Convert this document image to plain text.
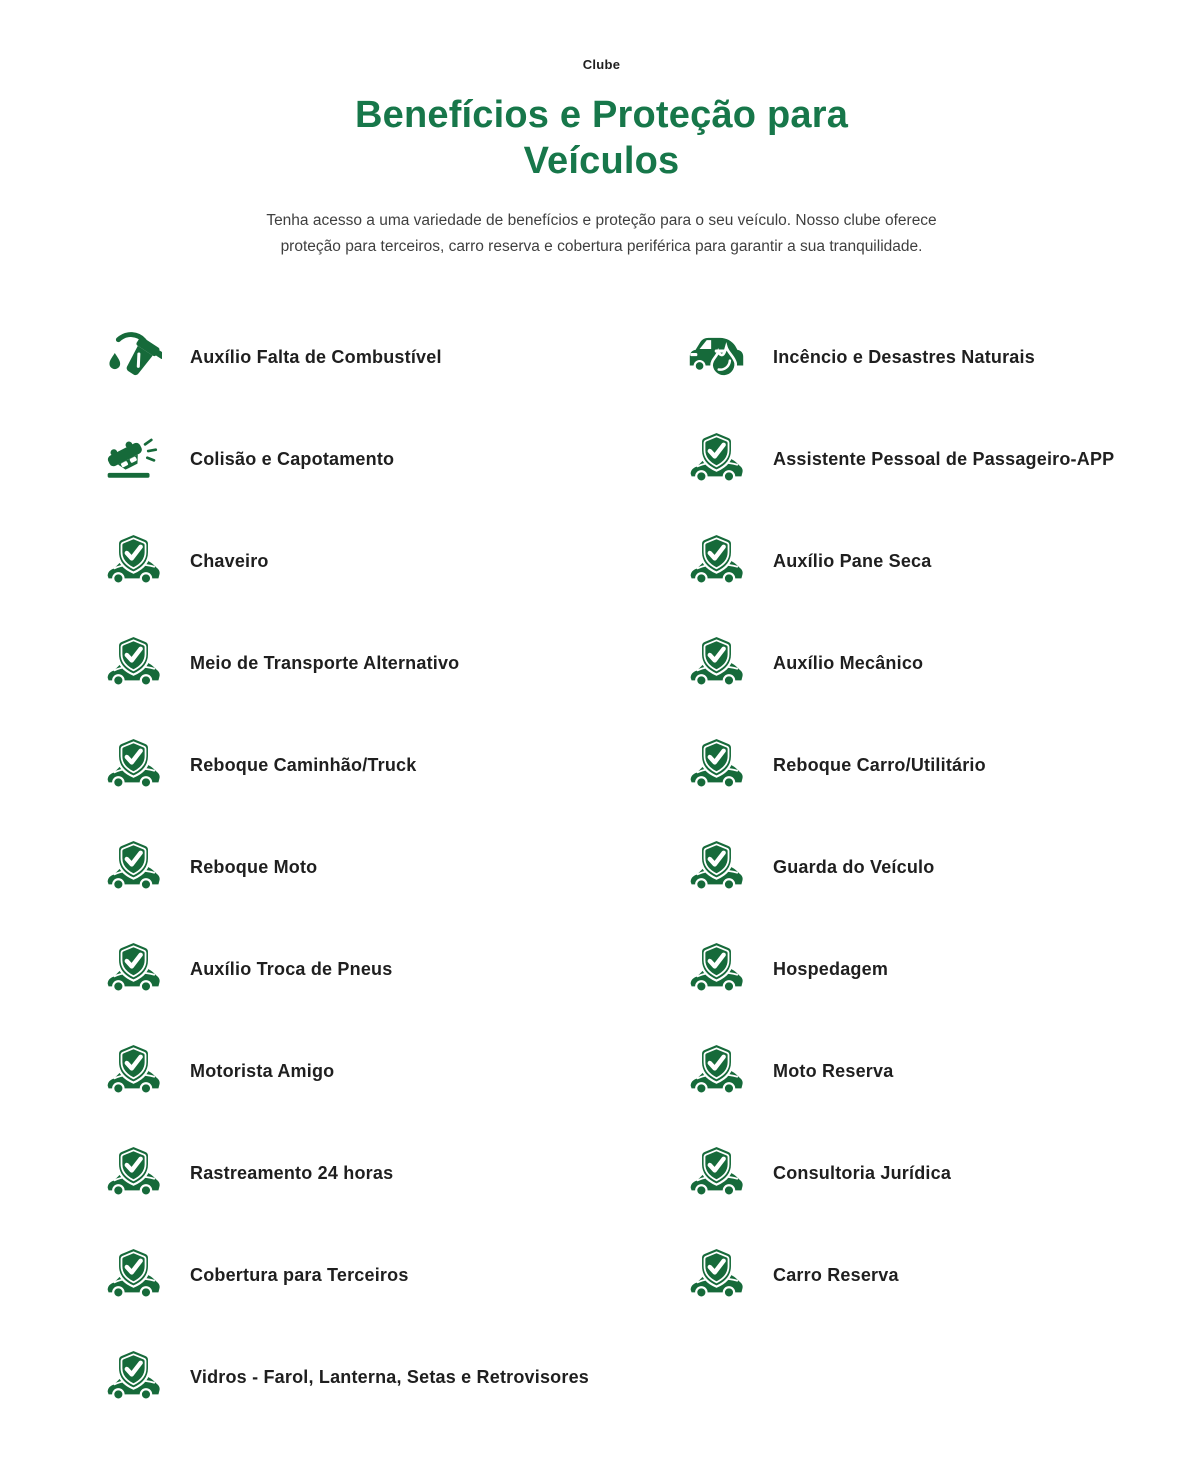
Clube
Benefícios e Proteção para
Veículos
Tenha acesso a uma variedade de benefícios e proteção para o seu veículo. Nosso clube oferece
proteção para terceiros, carro reserva e cobertura periférica para garantir a sua tranquilidade.
Auxílio Falta de Combustível
Colisão e Capotamento
Chaveiro
Meio de Transporte Alternativo
Reboque Caminhão/Truck
Reboque Moto
Auxílio Troca de Pneus
Motorista Amigo
Rastreamento 24 horas
Cobertura para Terceiros
Vidros - Farol, Lanterna, Setas e Retrovisores
Incêncio e Desastres Naturais
Assistente Pessoal de Passageiro-APP
Auxílio Pane Seca
Auxílio Mecânico
Reboque Carro/Utilitário
Guarda do Veículo
Hospedagem
Moto Reserva
Consultoria Jurídica
Carro Reserva
